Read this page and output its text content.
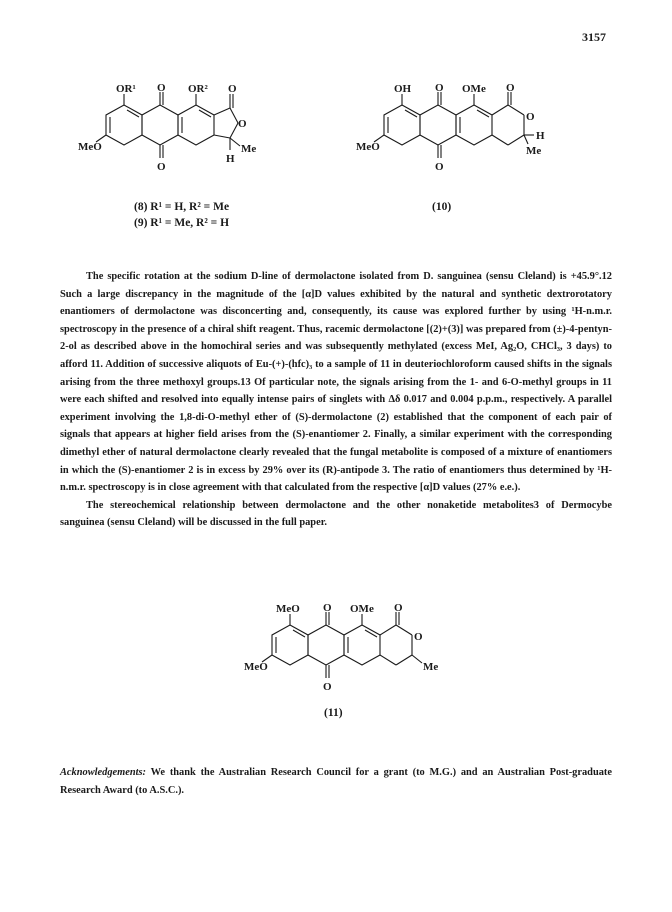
3157
OR¹ O OR² O
O
MeO
O
Me
H
OH O OMe O
O
MeO
O
H
Me
(8) R¹ = H, R² = Me
(9) R¹ = Me, R² = H
(10)

The specific rotation at the sodium D-line of dermolactone isolated from D. sanguinea (sensu Cleland) is +45.9°.12 Such a large discrepancy in the magnitude of the [α]D values exhibited by the natural and synthetic dextrorotatory enantiomers of dermolactone was disconcerting and, consequently, its cause was explored further by using ¹H-n.m.r. spectroscopy in the presence of a chiral shift reagent. Thus, racemic dermolactone [(2)+(3)] was prepared from (±)-4-pentyn-2-ol as described above in the homochiral series and was subsequently methylated (excess MeI, Ag₂O, CHCl₃, 3 days) to afford 11. Addition of successive aliquots of Eu-(+)-(hfc)₃ to a sample of 11 in deuteriochloroform caused shifts in the signals arising from the three methoxyl groups.13 Of particular note, the signals arising from the 1- and 6-O-methyl groups in 11 were each shifted and resolved into equally intense pairs of singlets with Δδ 0.017 and 0.004 p.p.m., respectively. A parallel experiment involving the 1,8-di-O-methyl ether of (S)-dermolactone (2) established that the component of each pair of signals that appears at higher field arises from the (S)-enantiomer 2. Finally, a similar experiment with the corresponding dimethyl ether of natural dermolactone clearly revealed that the fungal metabolite is composed of a mixture of enantiomers in which the (S)-enantiomer 2 is in excess by 29% over its (R)-antipode 3. The ratio of enantiomers thus determined by ¹H-n.m.r. spectroscopy is in close agreement with that calculated from the respective [α]D values (27% e.e.).

The stereochemical relationship between dermolactone and the other nonaketide metabolites3 of Dermocybe sanguinea (sensu Cleland) will be discussed in the full paper.

MeO O OMe O
O
MeO
O
Me
(11)
Acknowledgements: We thank the Australian Research Council for a grant (to M.G.) and an Australian Post-graduate Research Award (to A.S.C.).
